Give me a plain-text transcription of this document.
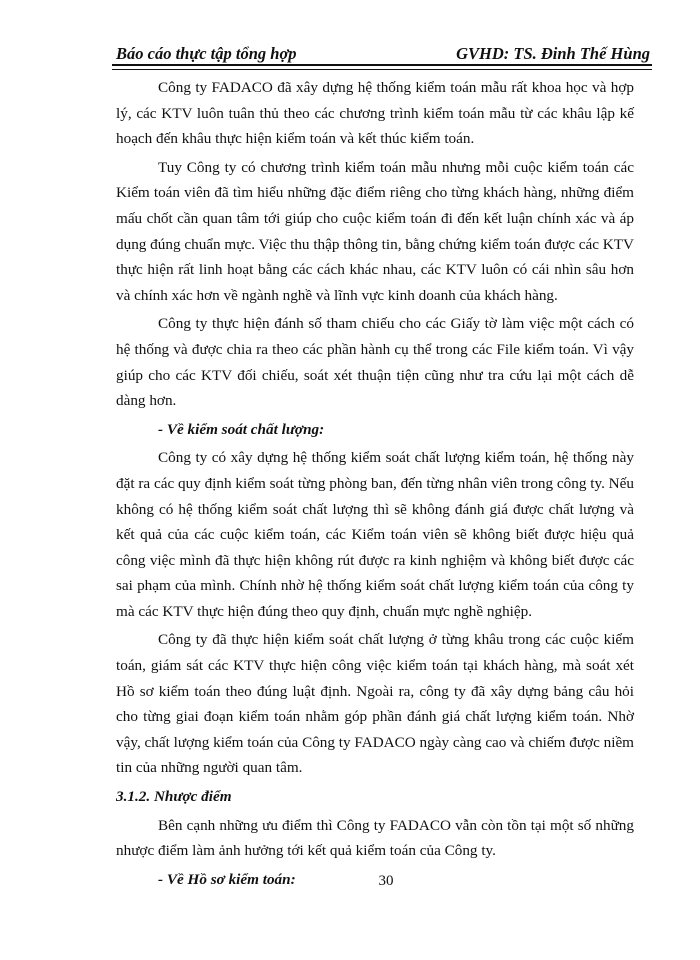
Báo cáo thực tập tổng hợp	GVHD: TS. Đinh Thế Hùng

Công ty FADACO đã xây dựng hệ thống kiểm toán mẫu rất khoa học và hợp lý, các KTV luôn tuân thủ theo các chương trình kiểm toán mẫu từ các khâu lập kế hoạch đến khâu thực hiện kiểm toán và kết thúc kiểm toán.

Tuy Công ty có chương trình kiểm toán mẫu nhưng mỗi cuộc kiểm toán các Kiểm toán viên đã tìm hiểu những đặc điểm riêng cho từng khách hàng, những điểm mấu chốt cần quan tâm tới giúp cho cuộc kiểm toán đi đến kết luận chính xác và áp dụng đúng chuẩn mực. Việc thu thập thông tin, bằng chứng kiểm toán được các KTV thực hiện rất linh hoạt bằng các cách khác nhau, các KTV luôn có cái nhìn sâu hơn và chính xác hơn về ngành nghề và lĩnh vực kinh doanh của khách hàng.

Công ty thực hiện đánh số tham chiếu cho các Giấy tờ làm việc một cách có hệ thống và được chia ra theo các phần hành cụ thể trong các File kiểm toán. Vì vậy giúp cho các KTV đối chiếu, soát xét thuận tiện cũng như tra cứu lại một cách dễ dàng hơn.

- Về kiểm soát chất lượng:

Công ty có xây dựng hệ thống kiểm soát chất lượng kiểm toán, hệ thống này đặt ra các quy định kiểm soát từng phòng ban, đến từng nhân viên trong công ty. Nếu không có hệ thống kiểm soát chất lượng thì sẽ không đánh giá được chất lượng và kết quả của các cuộc kiểm toán, các Kiểm toán viên sẽ không biết được hiệu quả công việc mình đã thực hiện không rút được ra kinh nghiệm và không biết được các sai phạm của mình. Chính nhờ hệ thống kiểm soát chất lượng kiểm toán của công ty mà các KTV thực hiện đúng theo quy định, chuẩn mực nghề nghiệp.

Công ty đã thực hiện kiểm soát chất lượng ở từng khâu trong các cuộc kiểm toán, giám sát các KTV thực hiện công việc kiểm toán tại khách hàng, mà soát xét Hồ sơ kiểm toán theo đúng luật định. Ngoài ra, công ty đã xây dựng bảng câu hỏi cho từng giai đoạn kiểm toán nhằm góp phần đánh giá chất lượng kiểm toán. Nhờ vậy, chất lượng kiểm toán của Công ty FADACO ngày càng cao và chiếm được niềm tin của những người quan tâm.

3.1.2. Nhược điểm

Bên cạnh những ưu điểm thì Công ty FADACO vẫn còn tồn tại một số những nhược điểm làm ảnh hưởng tới kết quả kiểm toán của Công ty.

- Về Hồ sơ kiểm toán:	30
